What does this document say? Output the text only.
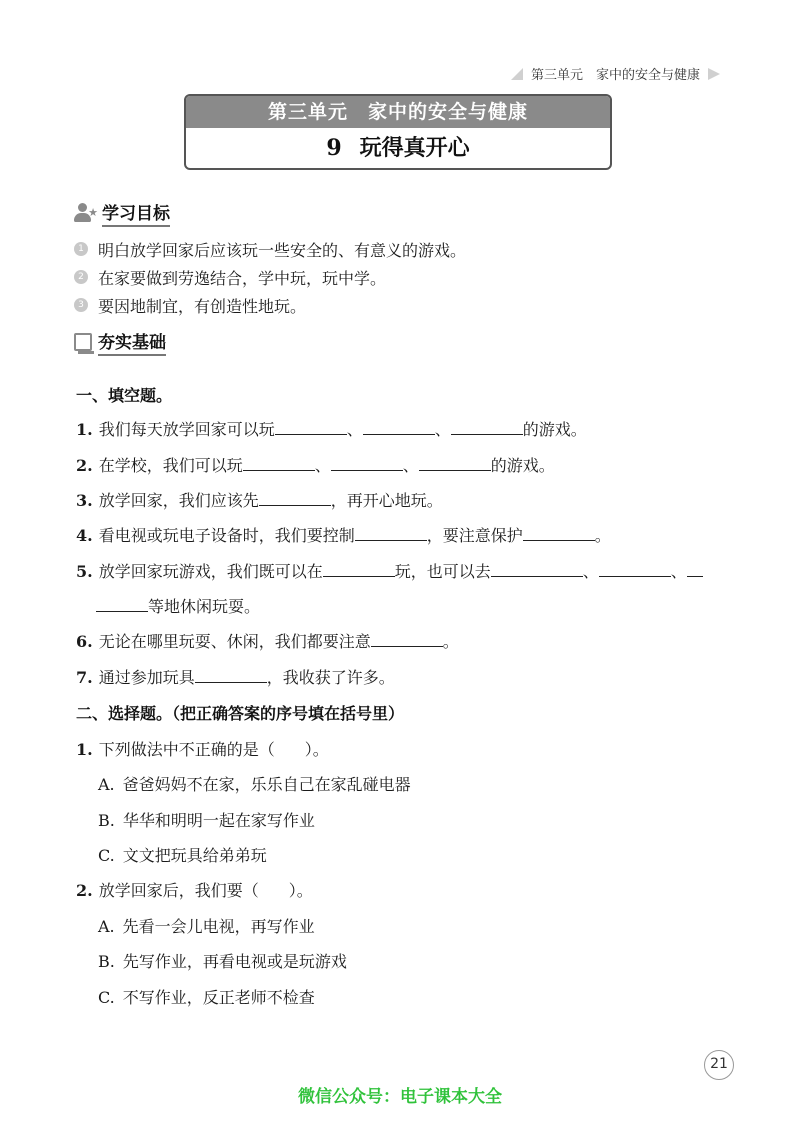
第三单元　家中的安全与健康
第三单元　家中的安全与健康
9 玩得真开心
★ 学习目标
1 明白放学回家后应该玩一些安全的、有意义的游戏。
2 在家要做到劳逸结合，学中玩，玩中学。
3 要因地制宜，有创造性地玩。
夯实基础
一、填空题。
1. 我们每天放学回家可以玩	、	、	的游戏。
2. 在学校，我们可以玩	、	、	的游戏。
3. 放学回家，我们应该先	，再开心地玩。
4. 看电视或玩电子设备时，我们要控制	，要注意保护	。
5. 放学回家玩游戏，我们既可以在	玩，也可以去	、	、
等地休闲玩耍。
6. 无论在哪里玩耍、休闲，我们都要注意	。
7. 通过参加玩具	，我收获了许多。
二、选择题。（把正确答案的序号填在括号里）
1. 下列做法中不正确的是（ ）。
A. 爸爸妈妈不在家，乐乐自己在家乱碰电器
B. 华华和明明一起在家写作业
C. 文文把玩具给弟弟玩
2. 放学回家后，我们要（ ）。
A. 先看一会儿电视，再写作业
B. 先写作业，再看电视或是玩游戏
C. 不写作业，反正老师不检查
21
微信公众号：电子课本大全
